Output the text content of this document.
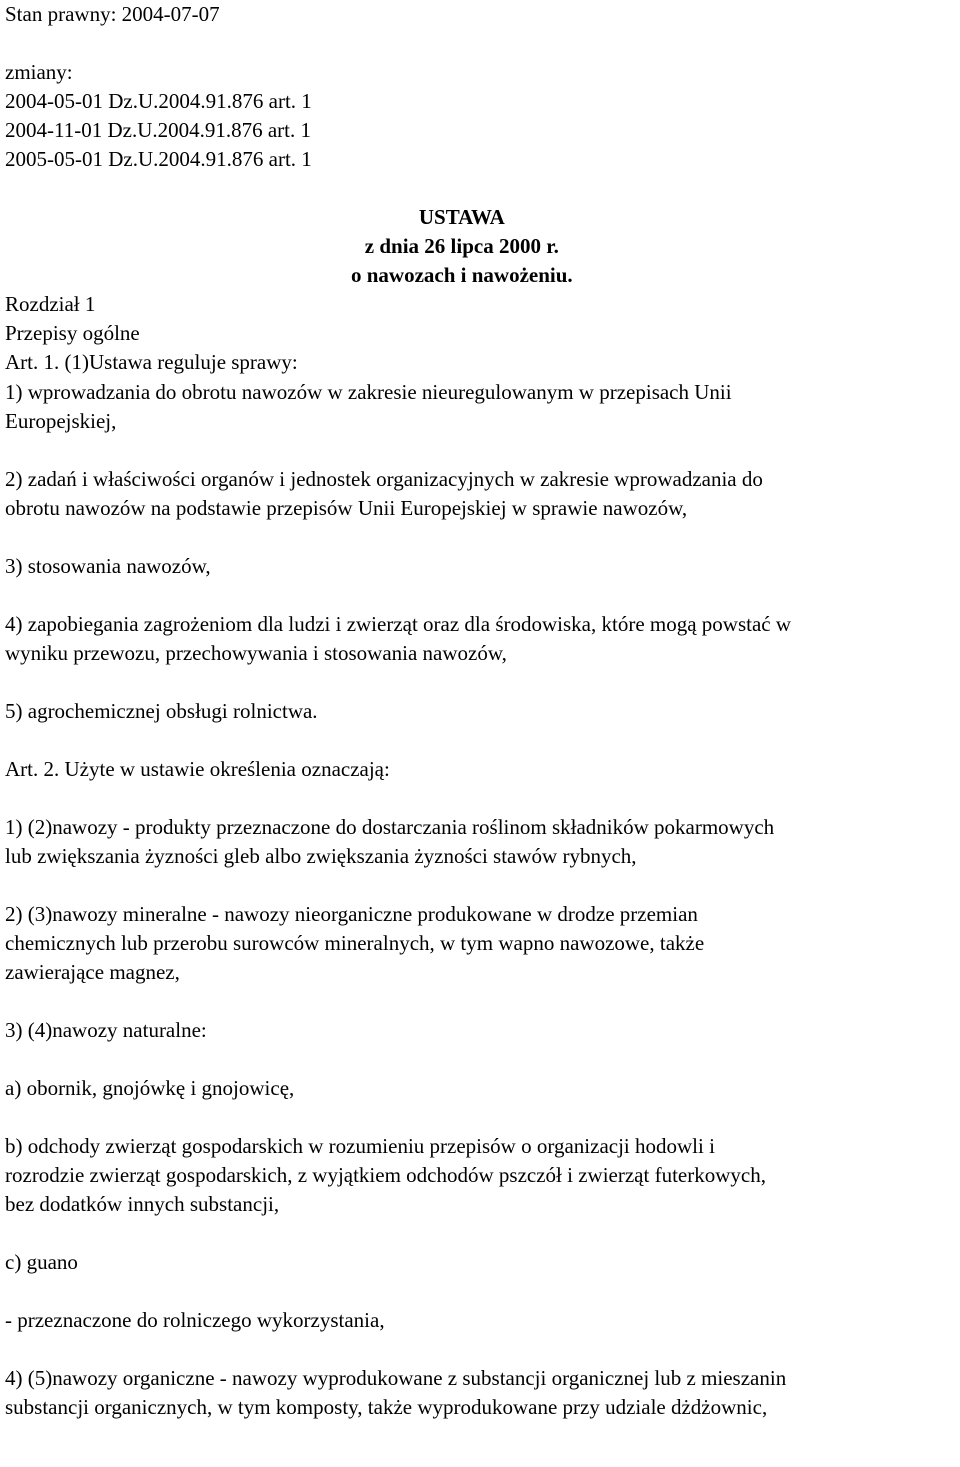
Stan prawny: 2004-07-07
zmiany:
2004-05-01 Dz.U.2004.91.876 art. 1
2004-11-01 Dz.U.2004.91.876 art. 1
2005-05-01 Dz.U.2004.91.876 art. 1
USTAWA
z dnia 26 lipca 2000 r.
o nawozach i nawożeniu.
Rozdział 1
Przepisy ogólne
Art. 1. (1)Ustawa reguluje sprawy:
1) wprowadzania do obrotu nawozów w zakresie nieuregulowanym w przepisach Unii
Europejskiej,
2) zadań i właściwości organów i jednostek organizacyjnych w zakresie wprowadzania do
obrotu nawozów na podstawie przepisów Unii Europejskiej w sprawie nawozów,
3) stosowania nawozów,
4) zapobiegania zagrożeniom dla ludzi i zwierząt oraz dla środowiska, które mogą powstać w
wyniku przewozu, przechowywania i stosowania nawozów,
5) agrochemicznej obsługi rolnictwa.
Art. 2. Użyte w ustawie określenia oznaczają:
1) (2)nawozy - produkty przeznaczone do dostarczania roślinom składników pokarmowych
lub zwiększania żyzności gleb albo zwiększania żyzności stawów rybnych,
2) (3)nawozy mineralne - nawozy nieorganiczne produkowane w drodze przemian
chemicznych lub przerobu surowców mineralnych, w tym wapno nawozowe, także
zawierające magnez,
3) (4)nawozy naturalne:
a) obornik, gnojówkę i gnojowicę,
b) odchody zwierząt gospodarskich w rozumieniu przepisów o organizacji hodowli i
rozrodzie zwierząt gospodarskich, z wyjątkiem odchodów pszczół i zwierząt futerkowych,
bez dodatków innych substancji,
c) guano
- przeznaczone do rolniczego wykorzystania,
4) (5)nawozy organiczne - nawozy wyprodukowane z substancji organicznej lub z mieszanin
substancji organicznych, w tym komposty, także wyprodukowane przy udziale dżdżownic,
